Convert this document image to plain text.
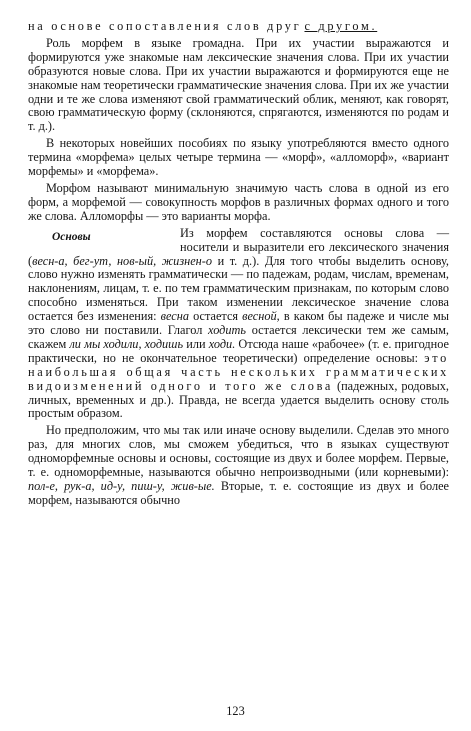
на основе сопоставления слов друг с другом.

Роль морфем в языке громадна. При их участии выражаются и формируются уже знакомые нам лексические значения слова. При их участии образуются новые слова. При их участии выражаются и формируются еще не знакомые нам теоретически грамматические значения слова. При их же участии одни и те же слова изменяют свой грамматический облик, меняют, как говорят, свою грамматическую форму (склоняются, спрягаются, изменяются по родам и т. д.).

В некоторых новейших пособиях по языку употребляются вместо одного термина «морфема» целых четыре термина — «морф», «алломорф», «вариант морфемы» и «морфема».

Морфом называют минимальную значимую часть слова в одной из его форм, а морфемой — совокупность морфов в различных формах одного и того же слова. Алломорфы — это варианты морфа.

Основы	Из морфем составляются основы слова — носители и выразители его лексического значения (весн-а, бег-ут, нов-ый, жизнен-о и т. д.). Для того чтобы выделить основу, слово нужно изменять грамматически — по падежам, родам, числам, временам, наклонениям, лицам, т. е. по тем грамматическим признакам, по которым слово способно изменяться. При таком изменении лексическое значение слова остается без изменения: весна остается весной, в каком бы падеже и числе мы это слово ни поставили. Глагол ходить остается лексически тем же самым, скажем ли мы ходили, ходишь или ходи. Отсюда наше «рабочее» (т. е. пригодное практически, но не окончательное теоретически) определение основы: это наибольшая общая часть нескольких грамматических видоизменений одного и того же слова (падежных, родовых, личных, временных и др.). Правда, не всегда удается выделить основу столь простым образом.

Но предположим, что мы так или иначе основу выделили. Сделав это много раз, для многих слов, мы сможем убедиться, что в языках существуют одноморфемные основы и основы, состоящие из двух и более морфем. Первые, т. е. одноморфемные, называются обычно непроизводными (или корневыми): пол-е, рук-а, ид-у, пиш-у, жив-ые. Вторые, т. е. состоящие из двух и более морфем, называются обычно

123
